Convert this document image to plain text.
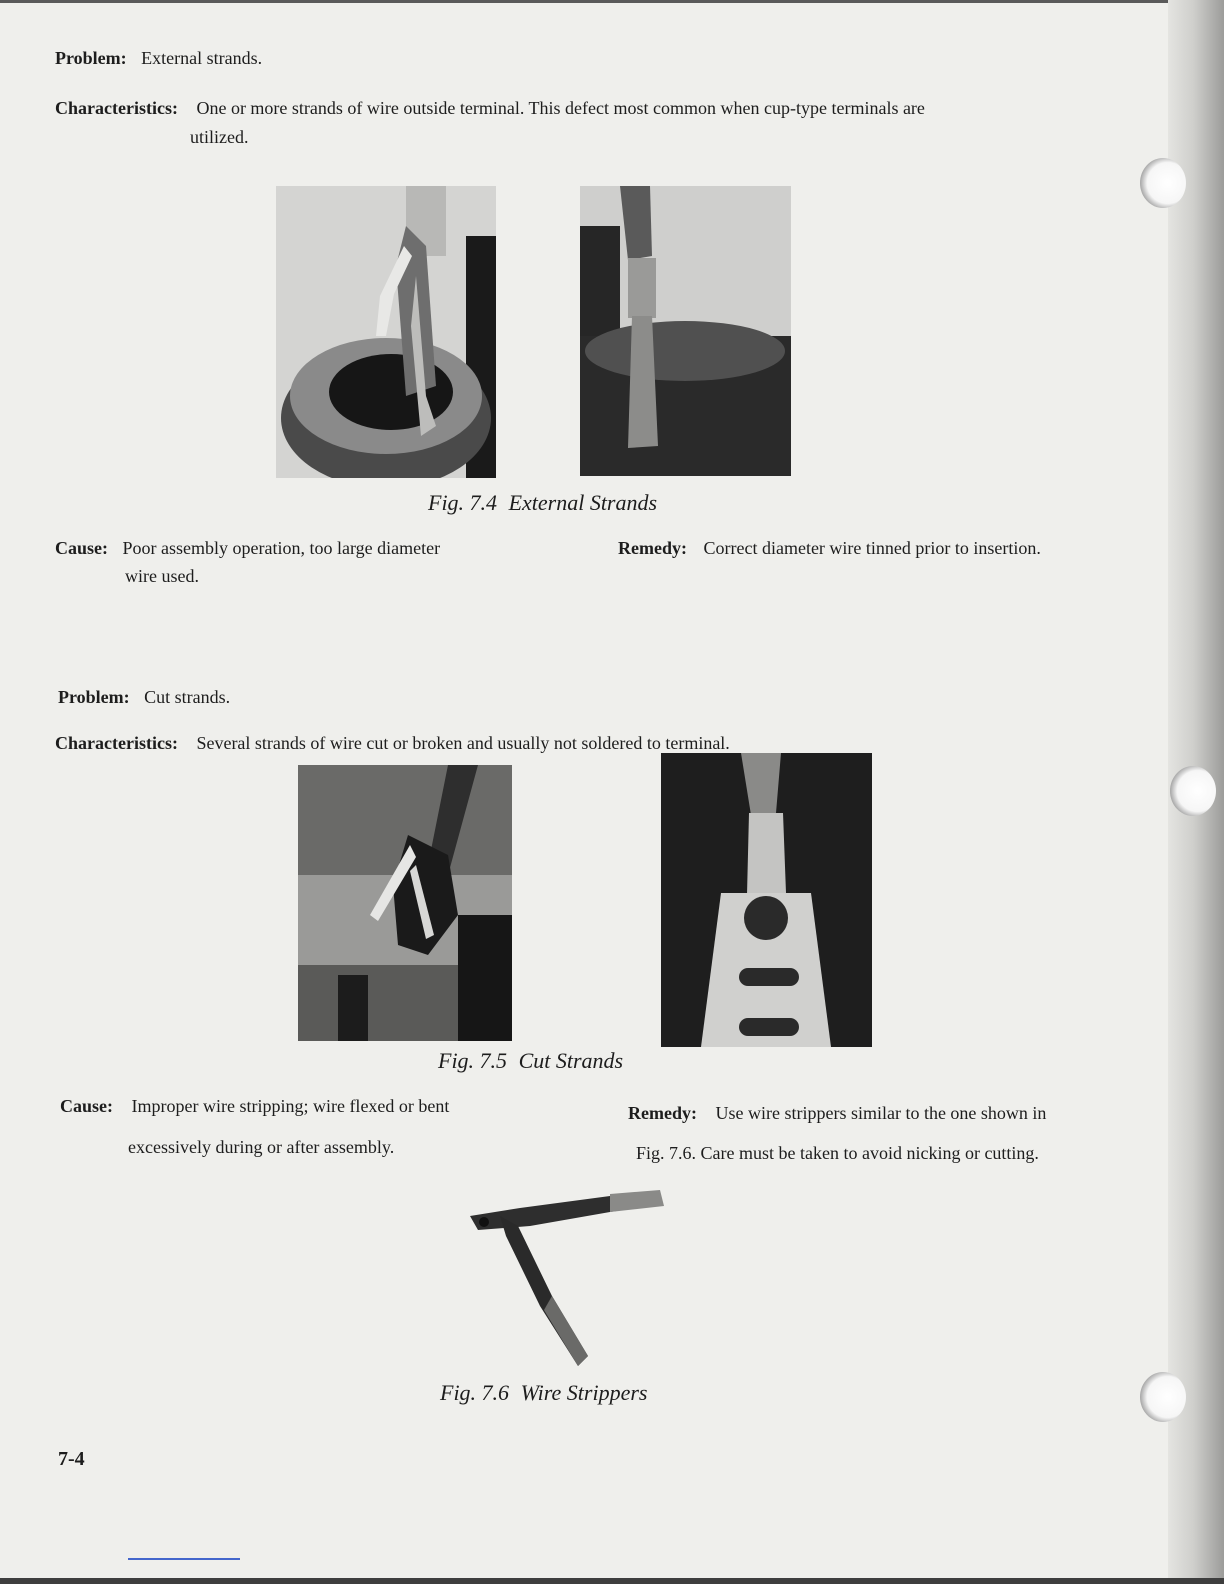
Problem: External strands.
Characteristics: One or more strands of wire outside terminal. This defect most common when cup-type terminals are
utilized.
Fig. 7.4 External Strands
Cause: Poor assembly operation, too large diameter
wire used.
Remedy: Correct diameter wire tinned prior to insertion.
Problem: Cut strands.
Characteristics: Several strands of wire cut or broken and usually not soldered to terminal.
Fig. 7.5 Cut Strands
Cause: Improper wire stripping; wire flexed or bent
excessively during or after assembly.
Remedy: Use wire strippers similar to the one shown in
Fig. 7.6. Care must be taken to avoid nicking or cutting.
Fig. 7.6 Wire Strippers
7-4
